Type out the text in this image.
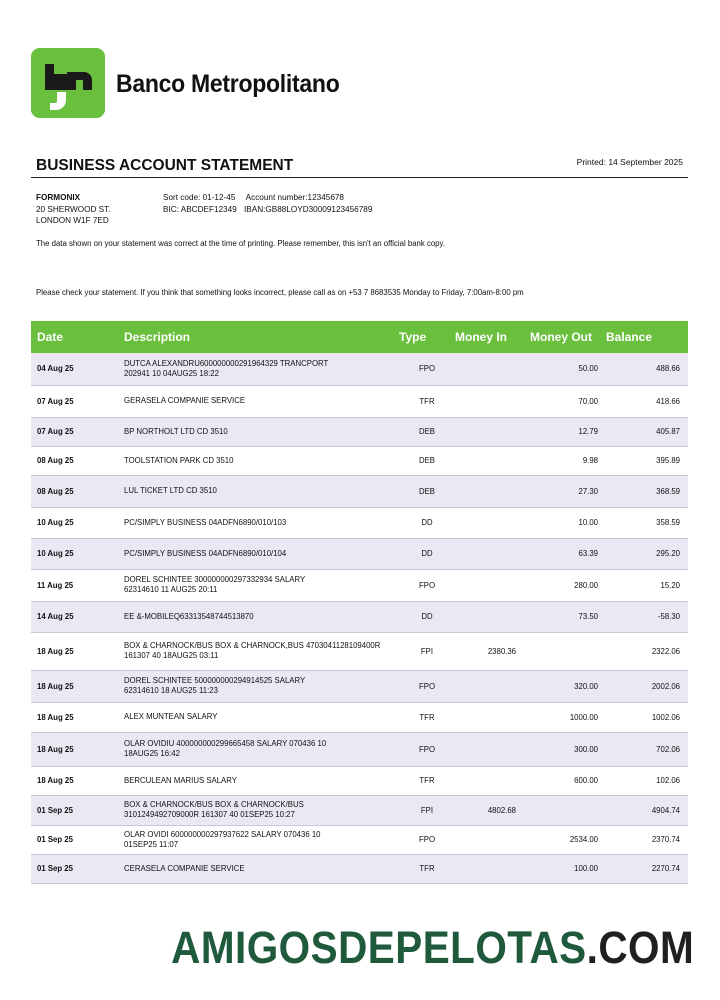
Banco Metropolitano
BUSINESS ACCOUNT STATEMENT	Printed: 14 September 2025
FORMONIX
20 SHERWOOD ST.
LONDON W1F 7ED
Sort code: 01-12-45 Account number:12345678
BIC: ABCDEF12349 IBAN:GB88LOYD30009123456789
The data shown on your statement was correct at the time of printing. Please remember, this isn't an official bank copy.
Please check your statement. If you think that something looks incorrect, please call as on +53 7 8683535 Monday to Friday, 7:00am-8:00 pm
Date	Description	Type	Money In	Money Out	Balance
04 Aug 25	DUTCA ALEXANDRU600000000291964329 TRANCPORT
202941 10 04AUG25 18:22	FPO		50.00	488.66
07 Aug 25	GERASELA COMPANIE SERVICE	TFR		70.00	418.66
07 Aug 25	BP NORTHOLT LTD CD 3510	DEB		12.79	405.87
08 Aug 25	TOOLSTATION PARK CD 3510	DEB		9.98	395.89
08 Aug 25	LUL TICKET LTD CD 3510	DEB		27.30	368.59
10 Aug 25	PC/SIMPLY BUSINESS 04ADFN6890/010/103	DD		10.00	358.59
10 Aug 25	PC/SIMPLY BUSINESS 04ADFN6890/010/104	DD		63.39	295.20
11 Aug 25	DOREL SCHINTEE 300000000297332934 SALARY
62314610 11 AUG25 20:11	FPO		280.00	15.20
14 Aug 25	EE &-MOBILEQ63313548744513870	DD		73.50	-58.30
18 Aug 25	BOX & CHARNOCK/BUS BOX & CHARNOCK,BUS 4703041128109400R
161307 40 18AUG25 03:11	FPI	2380.36		2322.06
18 Aug 25	DOREL SCHINTEE 500000000294914525 SALARY
62314610 18 AUG25 11:23	FPO		320.00	2002.06
18 Aug 25	ALEX MUNTEAN SALARY	TFR		1000.00	1002.06
18 Aug 25	OLAR OVIDIU 400000000299665458 SALARY 070436 10
18AUG25 16:42	FPO		300.00	702.06
18 Aug 25	BERCULEAN MARIUS SALARY	TFR		600.00	102.06
01 Sep 25	BOX & CHARNOCK/BUS BOX & CHARNOCK/BUS
3101249492709000R 161307 40 01SEP25 10:27	FPI	4802.68		4904.74
01 Sep 25	OLAR OVIDI 600000000297937622 SALARY 070436 10
01SEP25 11:07	FPO		2534.00	2370.74
01 Sep 25	CERASELA COMPANIE SERVICE	TFR		100.00	2270.74
AMIGOSDEPELOTAS.COM
